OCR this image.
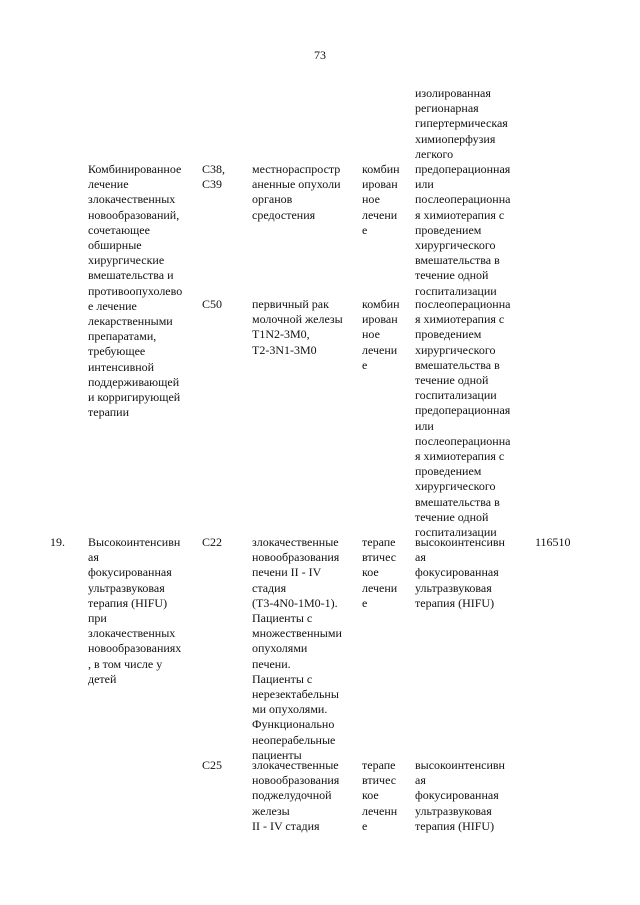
73
изолированная
регионарная
гипертермическая
химиоперфузия
легкого
Комбинированное
лечение
злокачественных
новообразований,
сочетающее
обширные
хирургические
вмешательства и
противоопухолево
е лечение
лекарственными
препаратами,
требующее
интенсивной
поддерживающей
и корригирующей
терапии
С38,
С39
местнораспростр
аненные опухоли
органов
средостения
комбин
ирован
ное
лечени
е
предоперационная
или
послеоперационна
я химиотерапия с
проведением
хирургического
вмешательства в
течение одной
госпитализации
С50 первичный рак
молочной железы
T1N2-3M0,
T2-3N1-3M0
комбин
ирован
ное
лечени
е
послеоперационна
я химиотерапия с
проведением
хирургического
вмешательства в
течение одной
госпитализации
предоперационная
или
послеоперационна
я химиотерапия с
проведением
хирургического
вмешательства в
течение одной
госпитализации
19. Высокоинтенсивн
ая
фокусированная
ультразвуковая
терапия (HIFU)
при
злокачественных
новообразованиях
, в том числе у
детей
С22 злокачественные
новообразования
печени II - IV
стадия
(T3-4N0-1M0-1).
Пациенты с
множественными
опухолями
печени.
Пациенты с
нерезектабельны
ми опухолями.
Функционально
неоперабельные
пациенты
терапе
втичес
кое
лечени
е
высокоинтенсивн
ая
фокусированная
ультразвуковая
терапия (HIFU)
116510
С25 злокачественные
новообразования
поджелудочной
железы
II - IV стадия
терапе
втичес
кое
леченн
е
высокоинтенсивн
ая
фокусированная
ультразвуковая
терапия (HIFU)
